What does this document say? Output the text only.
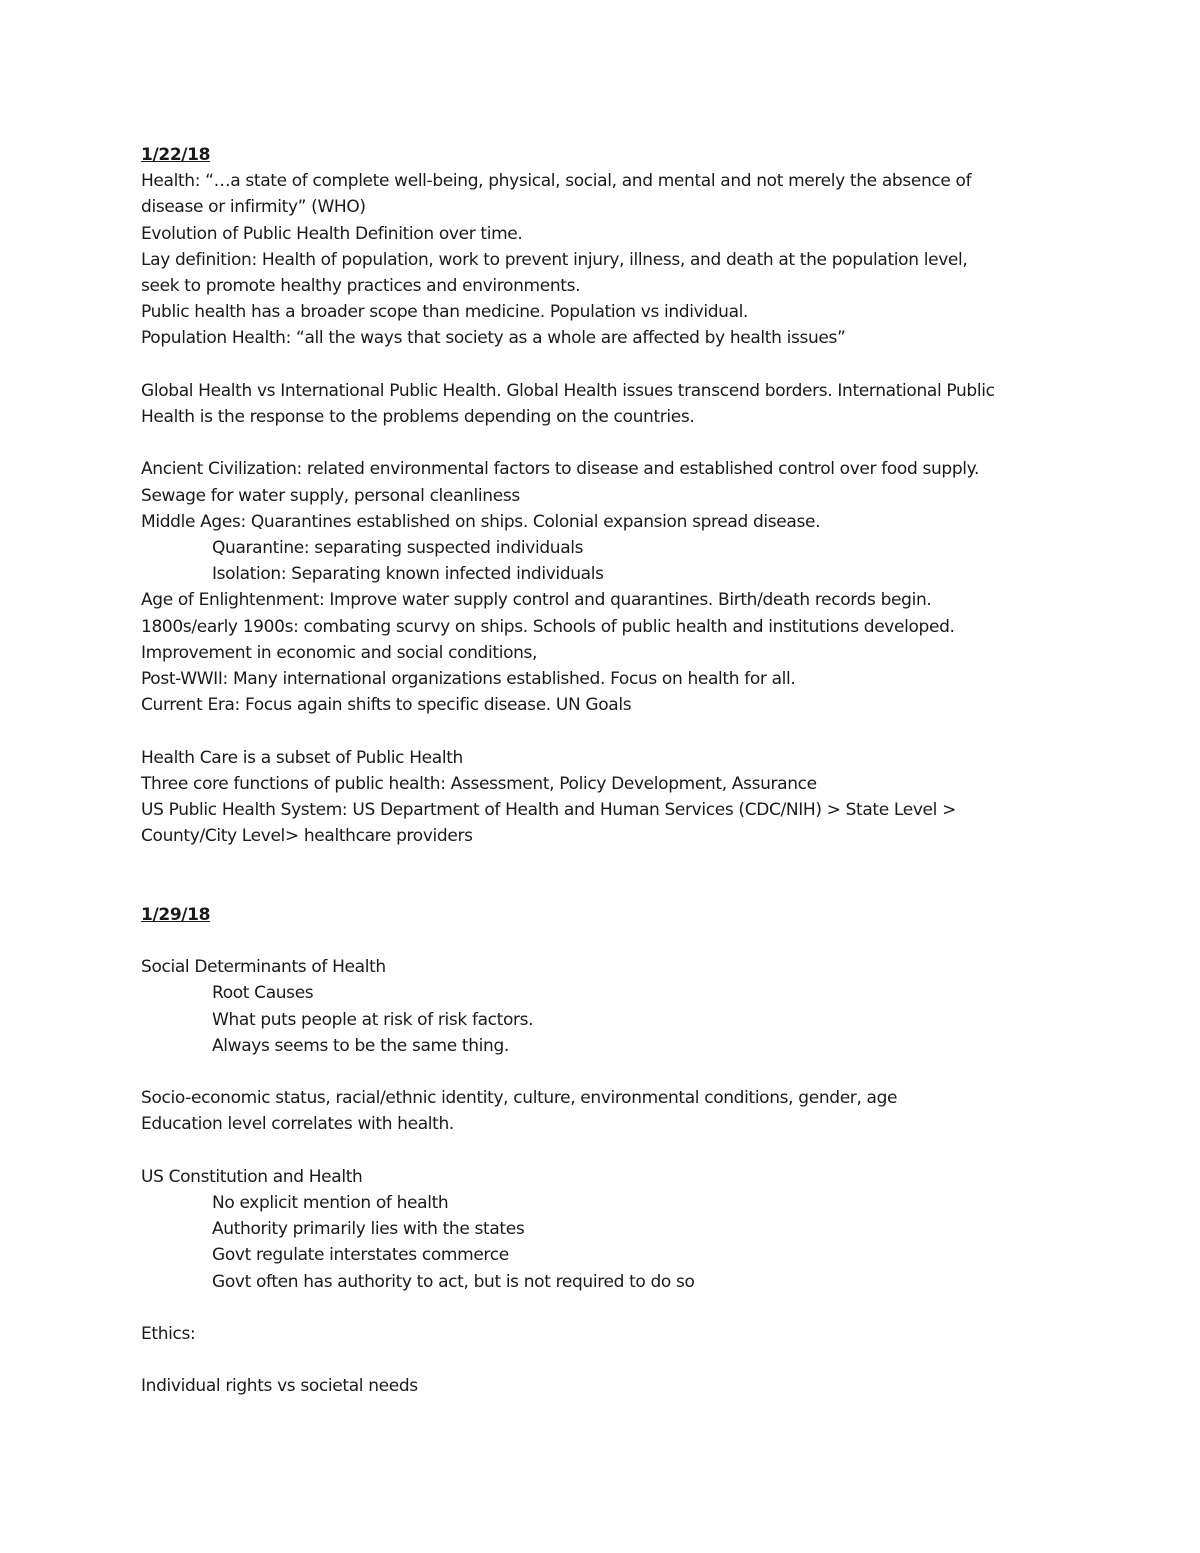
1/22/18
Health: “…a state of complete well-being, physical, social, and mental and not merely the absence of
disease or infirmity” (WHO)
Evolution of Public Health Definition over time.
Lay definition: Health of population, work to prevent injury, illness, and death at the population level,
seek to promote healthy practices and environments.
Public health has a broader scope than medicine. Population vs individual.
Population Health: “all the ways that society as a whole are affected by health issues”
Global Health vs International Public Health. Global Health issues transcend borders. International Public
Health is the response to the problems depending on the countries.
Ancient Civilization: related environmental factors to disease and established control over food supply.
Sewage for water supply, personal cleanliness
Middle Ages: Quarantines established on ships. Colonial expansion spread disease.
Quarantine: separating suspected individuals
Isolation: Separating known infected individuals
Age of Enlightenment: Improve water supply control and quarantines. Birth/death records begin.
1800s/early 1900s: combating scurvy on ships. Schools of public health and institutions developed.
Improvement in economic and social conditions,
Post-WWII: Many international organizations established. Focus on health for all.
Current Era: Focus again shifts to specific disease. UN Goals
Health Care is a subset of Public Health
Three core functions of public health: Assessment, Policy Development, Assurance
US Public Health System: US Department of Health and Human Services (CDC/NIH) > State Level >
County/City Level> healthcare providers
1/29/18
Social Determinants of Health
Root Causes
What puts people at risk of risk factors.
Always seems to be the same thing.
Socio-economic status, racial/ethnic identity, culture, environmental conditions, gender, age
Education level correlates with health.
US Constitution and Health
No explicit mention of health
Authority primarily lies with the states
Govt regulate interstates commerce
Govt often has authority to act, but is not required to do so
Ethics:
Individual rights vs societal needs
